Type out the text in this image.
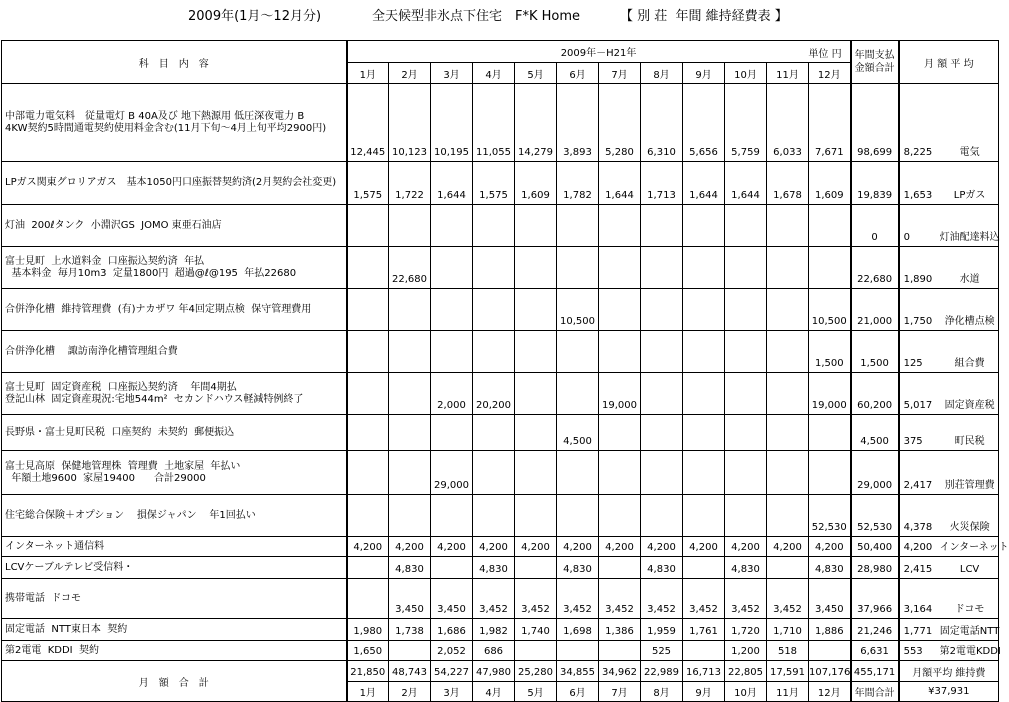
2009年(1月～12月分)

	全天候型非氷点下住宅　F*K Home

	【 別 荘  年間 維持経費表 】

科　目　内　容	2009年－H21年 単位 円												年間支払金額合計	月 額 平 均
	1月	2月	3月	4月	5月	6月	7月	8月	9月	10月	11月	12月		
中部電力電気料　従量電灯 B 40A及び 地下熱源用 低圧深夜電力 B
4KW契約5時間通電契約使用料金含む(11月下旬～4月上旬平均2900円)	12,445	10,123	10,195	11,055	14,279	3,893	5,280	6,310	5,656	5,759	6,033	7,671	98,699	8,225 電気
LPガス関東グロリアガス　基本1050円口座振替契約済(2月契約会社変更)	1,575	1,722	1,644	1,575	1,609	1,782	1,644	1,713	1,644	1,644	1,678	1,609	19,839	1,653 LPガス
灯油  200ℓタンク  小淵沢GS  JOMO 東亜石油店													0	0 灯油配達料込
富士見町  上水道料金  口座振込契約済  年払
基本料金  毎月10m3  定量1800円  超過@ℓ@195  年払22680		22,680											22,680	1,890 水道
合併浄化槽  維持管理費  (有)ナカザワ 年4回定期点検  保守管理費用						10,500						10,500	21,000	1,750 浄化槽点検
合併浄化槽    諏訪南浄化槽管理組合費												1,500	1,500	125 組合費
富士見町  固定資産税  口座振込契約済    年間4期払
登記山林  固定資産現況:宅地544m²  セカンドハウス軽減特例終了			2,000	20,200			19,000					19,000	60,200	5,017 固定資産税
長野県・富士見町民税  口座契約  未契約  郵便振込						4,500							4,500	375 町民税
富士見高原  保健地管理株  管理費  土地家屋  年払い
年額土地9600  家屋19400      合計29000			29,000										29,000	2,417 別荘管理費
住宅総合保険＋オプション    損保ジャパン    年1回払い												52,530	52,530	4,378 火災保険
インターネット通信料	4,200	4,200	4,200	4,200	4,200	4,200	4,200	4,200	4,200	4,200	4,200	4,200	50,400	4,200 インターネット
LCVケーブルテレビ受信料・		4,830		4,830		4,830		4,830		4,830		4,830	28,980	2,415 LCV
携帯電話  ドコモ		3,450	3,450	3,452	3,452	3,452	3,452	3,452	3,452	3,452	3,452	3,450	37,966	3,164 ドコモ
固定電話  NTT東日本  契約	1,980	1,738	1,686	1,982	1,740	1,698	1,386	1,959	1,761	1,720	1,710	1,886	21,246	1,771 固定電話NTT
第2電電  KDDI  契約	1,650		2,052	686				525		1,200	518		6,631	553 第2電電KDDI
月　額　合　計	21,850	48,743	54,227	47,980	25,280	34,855	34,962	22,989	16,713	22,805	17,591	107,176	455,171	月額平均 維持費
	1月	2月	3月	4月	5月	6月	7月	8月	9月	10月	11月	12月	年間合計	¥37,931
